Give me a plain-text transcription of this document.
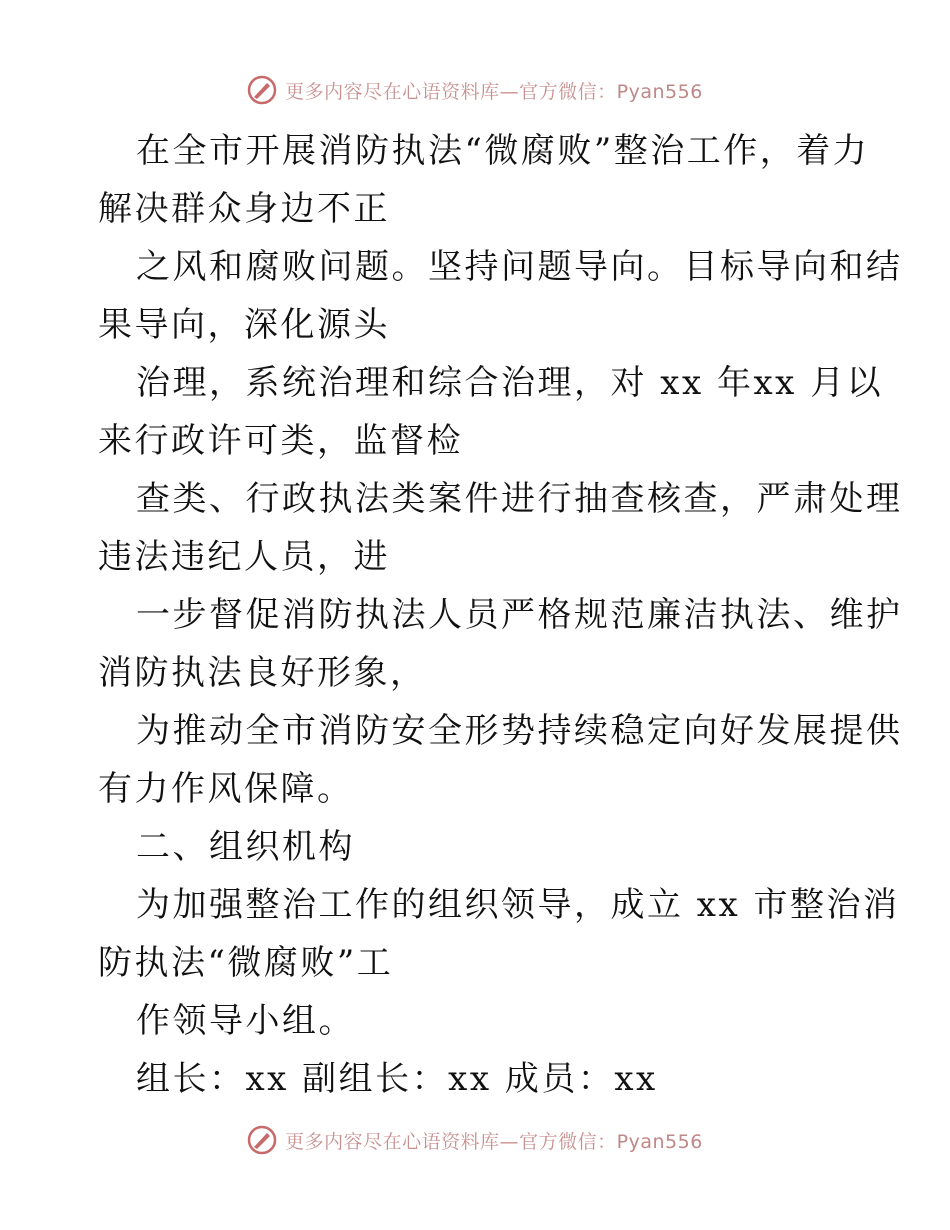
更多内容尽在心语资料库—官方微信：Pyan556
在全市开展消防执法“微腐败”整治工作，着力
解决群众身边不正
之风和腐败问题。坚持问题导向。目标导向和结
果导向，深化源头
治理，系统治理和综合治理，对 xx 年xx 月以
来行政许可类，监督检
查类、行政执法类案件进行抽查核查，严肃处理
违法违纪人员，进
一步督促消防执法人员严格规范廉洁执法、维护
消防执法良好形象，
为推动全市消防安全形势持续稳定向好发展提供
有力作风保障。
二、组织机构
为加强整治工作的组织领导，成立 xx 市整治消
防执法“微腐败”工
作领导小组。
组长：xx 副组长：xx 成员：xx
更多内容尽在心语资料库—官方微信：Pyan556
